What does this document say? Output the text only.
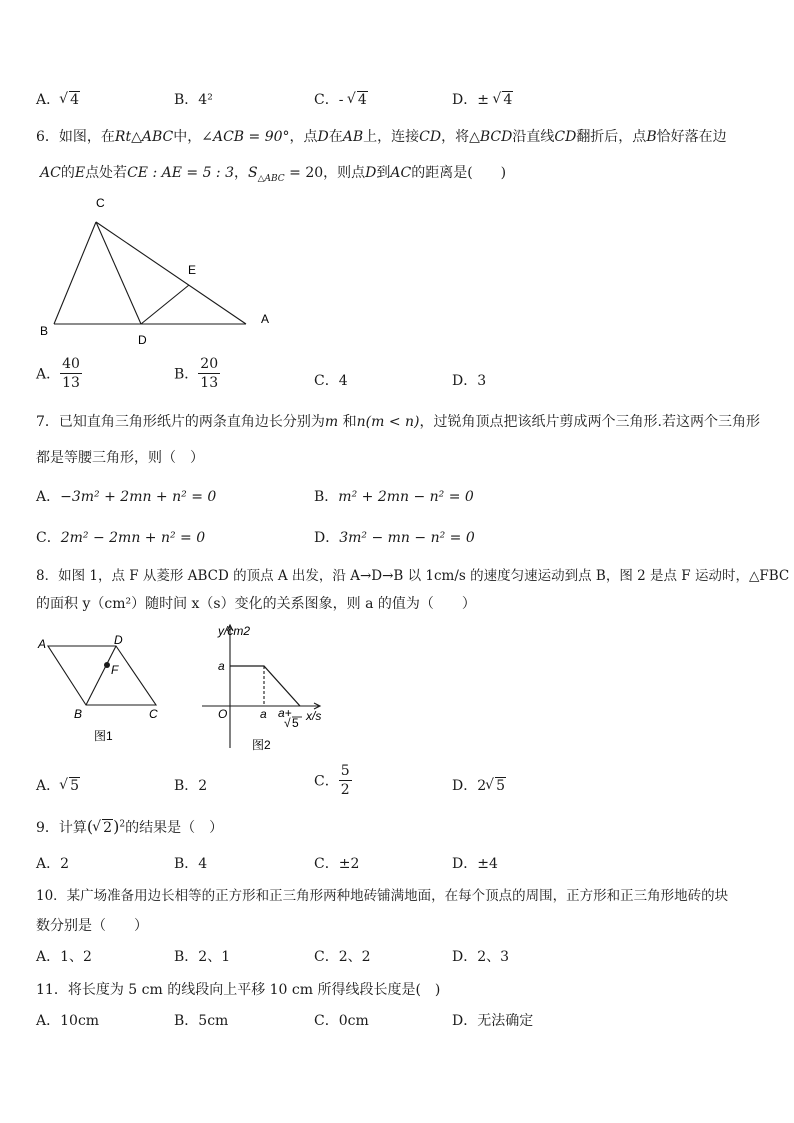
A． √ 4	B．4²	C．- √ 4	D．± √ 4
6．如图，在Rt△ABC中，∠ACB = 90°，点D在AB上，连接CD，将△BCD沿直线CD翻折后，点B恰好落在边
AC的E点处若CE : AE = 5 : 3，$S_{\triangle ABC} = 20$，则点D到AC的距离是(　　)
C
E
A
B
D
A． $\frac{40}{13}$	B． $\frac{20}{13}$	C．4	D．3
7．已知直角三角形纸片的两条直角边长分别为m 和n(m < n)，过锐角顶点把该纸片剪成两个三角形.若这两个三角形
都是等腰三角形，则（　）
A．−3m² + 2mn + n² = 0	B．m² + 2mn − n² = 0
C．2m² − 2mn + n² = 0	D．3m² − mn − n² = 0
8．如图 1，点 F 从菱形 ABCD 的顶点 A 出发，沿 A→D→B 以 1cm/s 的速度匀速运动到点 B，图 2 是点 F 运动时，△FBC
的面积 y（cm²）随时间 x（s）变化的关系图象，则 a 的值为（　　）
A	D
F
B	C
图1
y/cm2
a
O	a a+
√ 5 x/s
图2
A． √ 5	B．2	C． $\frac{5}{2}$	D．2 √ 5
9．计算( √ 2)$^2$的结果是（　）
A．2	B．4	C．±2	D．±4
10．某广场准备用边长相等的正方形和正三角形两种地砖铺满地面，在每个顶点的周围，正方形和正三角形地砖的块
数分别是（　　）
A．1、2	B．2、1	C．2、2	D．2、3
11．将长度为 5 cm 的线段向上平移 10 cm 所得线段长度是(　)
A．10cm	B．5cm	C．0cm	D．无法确定
